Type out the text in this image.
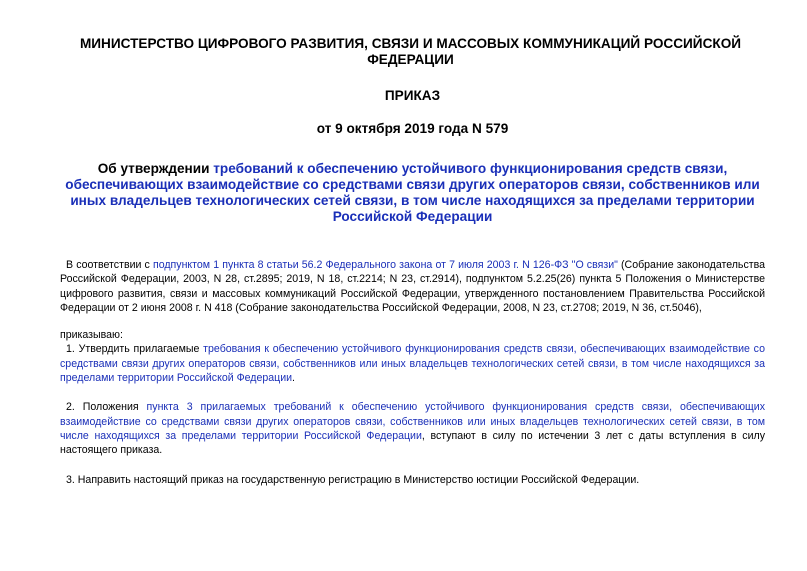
МИНИСТЕРСТВО ЦИФРОВОГО РАЗВИТИЯ, СВЯЗИ И МАССОВЫХ КОММУНИКАЦИЙ РОССИЙСКОЙ ФЕДЕРАЦИИ
ПРИКАЗ
от 9 октября 2019 года N 579
Об утверждении требований к обеспечению устойчивого функционирования средств связи, обеспечивающих взаимодействие со средствами связи других операторов связи, собственников или иных владельцев технологических сетей связи, в том числе находящихся за пределами территории Российской Федерации

В соответствии с подпунктом 1 пункта 8 статьи 56.2 Федерального закона от 7 июля 2003 г. N 126-ФЗ "О связи" (Собрание законодательства Российской Федерации, 2003, N 28, ст.2895; 2019, N 18, ст.2214; N 23, ст.2914), подпунктом 5.2.25(26) пункта 5 Положения о Министерстве цифрового развития, связи и массовых коммуникаций Российской Федерации, утвержденного постановлением Правительства Российской Федерации от 2 июня 2008 г. N 418 (Собрание законодательства Российской Федерации, 2008, N 23, ст.2708; 2019, N 36, ст.5046),

приказываю:

1. Утвердить прилагаемые требования к обеспечению устойчивого функционирования средств связи, обеспечивающих взаимодействие со средствами связи других операторов связи, собственников или иных владельцев технологических сетей связи, в том числе находящихся за пределами территории Российской Федерации.

2. Положения пункта 3 прилагаемых требований к обеспечению устойчивого функционирования средств связи, обеспечивающих взаимодействие со средствами связи других операторов связи, собственников или иных владельцев технологических сетей связи, в том числе находящихся за пределами территории Российской Федерации, вступают в силу по истечении 3 лет с даты вступления в силу настоящего приказа.

3. Направить настоящий приказ на государственную регистрацию в Министерство юстиции Российской Федерации.
